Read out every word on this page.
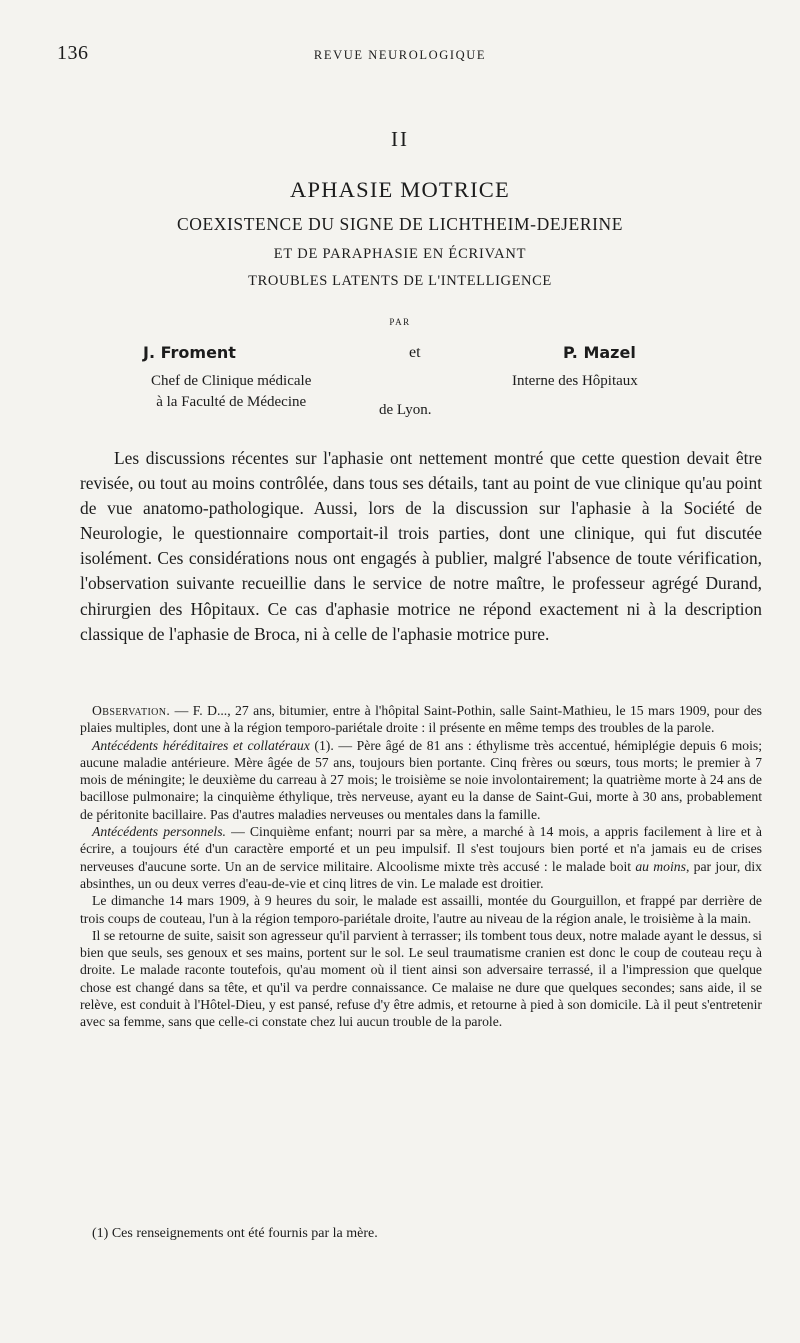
136	REVUE NEUROLOGIQUE
II
APHASIE MOTRICE
COEXISTENCE DU SIGNE DE LICHTHEIM-DEJERINE
ET DE PARAPHASIE EN ÉCRIVANT
TROUBLES LATENTS DE L'INTELLIGENCE
PAR
J. Froment	et	P. Mazel
Chef de Clinique médicale
à la Faculté de Médecine
Interne des Hôpitaux
de Lyon.

Les discussions récentes sur l'aphasie ont nettement montré que cette question devait être revisée, ou tout au moins contrôlée, dans tous ses détails, tant au point de vue clinique qu'au point de vue anatomo-pathologique. Aussi, lors de la discussion sur l'aphasie à la Société de Neurologie, le questionnaire comportait-il trois parties, dont une clinique, qui fut discutée isolément. Ces considérations nous ont engagés à publier, malgré l'absence de toute vérification, l'observation suivante recueillie dans le service de notre maître, le professeur agrégé Durand, chirurgien des Hôpitaux. Ce cas d'aphasie motrice ne répond exactement ni à la description classique de l'aphasie de Broca, ni à celle de l'aphasie motrice pure.

Observation. — F. D..., 27 ans, bitumier, entre à l'hôpital Saint-Pothin, salle Saint-Mathieu, le 15 mars 1909, pour des plaies multiples, dont une à la région temporo-pariétale droite : il présente en même temps des troubles de la parole.

Antécédents héréditaires et collatéraux (1). — Père âgé de 81 ans : éthylisme très accentué, hémiplégie depuis 6 mois; aucune maladie antérieure. Mère âgée de 57 ans, toujours bien portante. Cinq frères ou sœurs, tous morts; le premier à 7 mois de méningite; le deuxième du carreau à 27 mois; le troisième se noie involontairement; la quatrième morte à 24 ans de bacillose pulmonaire; la cinquième éthylique, très nerveuse, ayant eu la danse de Saint-Gui, morte à 30 ans, probablement de péritonite bacillaire. Pas d'autres maladies nerveuses ou mentales dans la famille.

Antécédents personnels. — Cinquième enfant; nourri par sa mère, a marché à 14 mois, a appris facilement à lire et à écrire, a toujours été d'un caractère emporté et un peu impulsif. Il s'est toujours bien porté et n'a jamais eu de crises nerveuses d'aucune sorte. Un an de service militaire. Alcoolisme mixte très accusé : le malade boit au moins, par jour, dix absinthes, un ou deux verres d'eau-de-vie et cinq litres de vin. Le malade est droitier.

Le dimanche 14 mars 1909, à 9 heures du soir, le malade est assailli, montée du Gourguillon, et frappé par derrière de trois coups de couteau, l'un à la région temporo-pariétale droite, l'autre au niveau de la région anale, le troisième à la main.

Il se retourne de suite, saisit son agresseur qu'il parvient à terrasser; ils tombent tous deux, notre malade ayant le dessus, si bien que seuls, ses genoux et ses mains, portent sur le sol. Le seul traumatisme cranien est donc le coup de couteau reçu à droite. Le malade raconte toutefois, qu'au moment où il tient ainsi son adversaire terrassé, il a l'impression que quelque chose est changé dans sa tête, et qu'il va perdre connaissance. Ce malaise ne dure que quelques secondes; sans aide, il se relève, est conduit à l'Hôtel-Dieu, y est pansé, refuse d'y être admis, et retourne à pied à son domicile. Là il peut s'entretenir avec sa femme, sans que celle-ci constate chez lui aucun trouble de la parole.

(1) Ces renseignements ont été fournis par la mère.
